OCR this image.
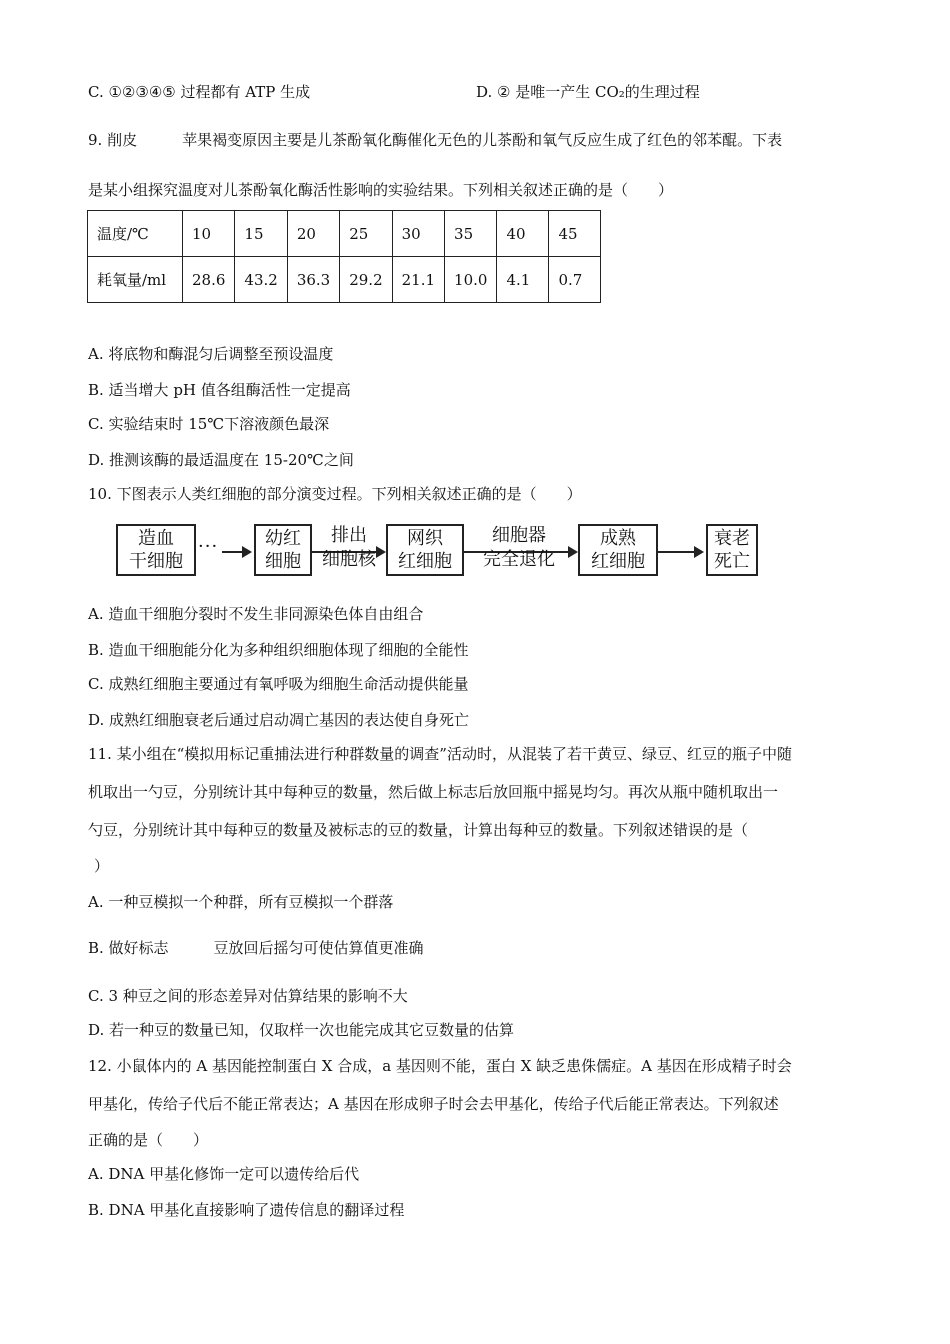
C. ①②③④⑤ 过程都有 ATP 生成	D. ② 是唯一产生 CO₂的生理过程
9. 削皮　　　苹果褐变原因主要是儿茶酚氧化酶催化无色的儿茶酚和氧气反应生成了红色的邻苯醌。下表
是某小组探究温度对儿茶酚氧化酶活性影响的实验结果。下列相关叙述正确的是（　　）
温度/℃	10	15	20	25	30	35	40	45
耗氧量/ml	28.6	43.2	36.3	29.2	21.1	10.0	4.1	0.7
A. 将底物和酶混匀后调整至预设温度
B. 适当增大 pH 值各组酶活性一定提高
C. 实验结束时 15℃下溶液颜色最深
D. 推测该酶的最适温度在 15-20℃之间
10. 下图表示人类红细胞的部分演变过程。下列相关叙述正确的是（　　）
造血
干细胞
···	幼红
细胞
排出
细胞核
网织
红细胞
细胞器
完全退化
成熟
红细胞
衰老
死亡
A. 造血干细胞分裂时不发生非同源染色体自由组合
B. 造血干细胞能分化为多种组织细胞体现了细胞的全能性
C. 成熟红细胞主要通过有氧呼吸为细胞生命活动提供能量
D. 成熟红细胞衰老后通过启动凋亡基因的表达使自身死亡
11. 某小组在“模拟用标记重捕法进行种群数量的调查”活动时，从混装了若干黄豆、绿豆、红豆的瓶子中随
机取出一勺豆，分别统计其中每种豆的数量，然后做上标志后放回瓶中摇晃均匀。再次从瓶中随机取出一
勺豆，分别统计其中每种豆的数量及被标志的豆的数量，计算出每种豆的数量。下列叙述错误的是（
）
A. 一种豆模拟一个种群，所有豆模拟一个群落
B. 做好标志　　　豆放回后摇匀可使估算值更准确
C. 3 种豆之间的形态差异对估算结果的影响不大
D. 若一种豆的数量已知，仅取样一次也能完成其它豆数量的估算
12. 小鼠体内的 A 基因能控制蛋白 X 合成，a 基因则不能，蛋白 X 缺乏患侏儒症。A 基因在形成精子时会
甲基化，传给子代后不能正常表达；A 基因在形成卵子时会去甲基化，传给子代后能正常表达。下列叙述
正确的是（　　）
A. DNA 甲基化修饰一定可以遗传给后代
B. DNA 甲基化直接影响了遗传信息的翻译过程
